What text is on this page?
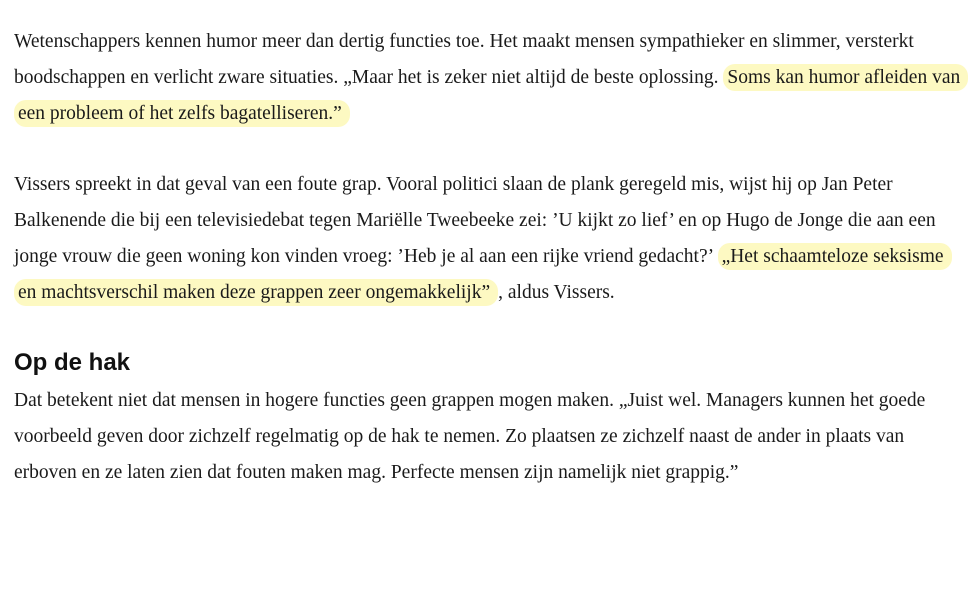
Wetenschappers kennen humor meer dan dertig functies toe. Het maakt mensen sympathieker en slimmer, versterkt boodschappen en verlicht zware situaties. „Maar het is zeker niet altijd de beste oplossing. Soms kan humor afleiden van een probleem of het zelfs bagatelliseren.”

Vissers spreekt in dat geval van een foute grap. Vooral politici slaan de plank geregeld mis, wijst hij op Jan Peter Balkenende die bij een televisiedebat tegen Mariëlle Tweebeeke zei: ’U kijkt zo lief’ en op Hugo de Jonge die aan een jonge vrouw die geen woning kon vinden vroeg: ’Heb je al aan een rijke vriend gedacht?’ „Het schaamteloze seksisme en machtsverschil maken deze grappen zeer ongemakkelijk” , aldus Vissers.

Op de hak

Dat betekent niet dat mensen in hogere functies geen grappen mogen maken. „Juist wel. Managers kunnen het goede voorbeeld geven door zichzelf regelmatig op de hak te nemen. Zo plaatsen ze zichzelf naast de ander in plaats van erboven en ze laten zien dat fouten maken mag. Perfecte mensen zijn namelijk niet grappig.”
